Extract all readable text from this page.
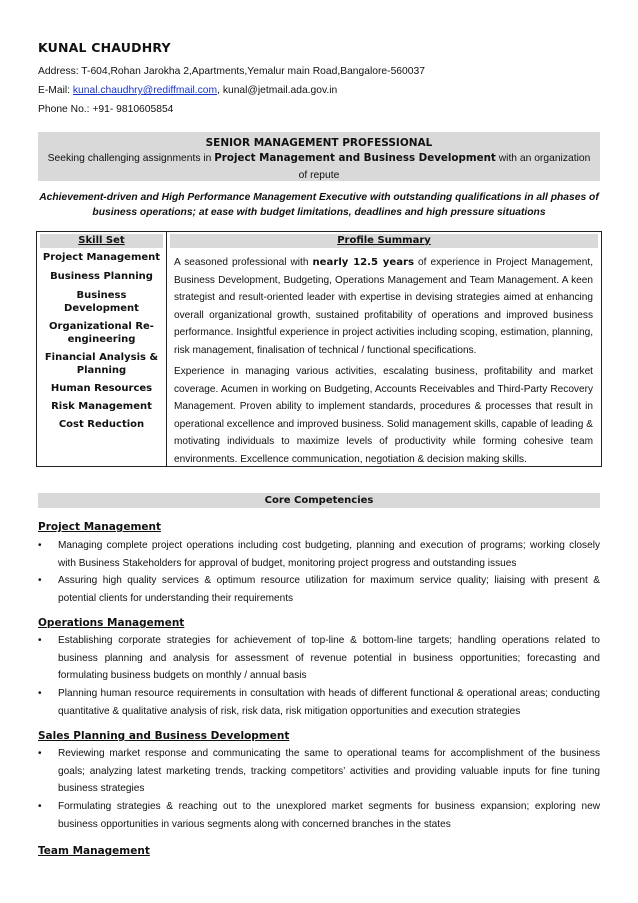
KUNAL CHAUDHRY
Address: T-604,Rohan Jarokha 2,Apartments,Yemalur main Road,Bangalore-560037
E-Mail: kunal.chaudhry@rediffmail.com, kunal@jetmail.ada.gov.in
Phone No.: +91- 9810605854
SENIOR MANAGEMENT PROFESSIONAL
Seeking challenging assignments in Project Management and Business Development with an organization of repute
Achievement-driven and High Performance Management Executive with outstanding qualifications in all phases of business operations; at ease with budget limitations, deadlines and high pressure situations
Skill Set
Project Management
Business Planning
Business Development
Organizational Re-engineering
Financial Analysis & Planning
Human Resources
Risk Management
Cost Reduction
Profile Summary

A seasoned professional with nearly 12.5 years of experience in Project Management, Business Development, Budgeting, Operations Management and Team Management. A keen strategist and result-oriented leader with expertise in devising strategies aimed at enhancing overall organizational growth, sustained profitability of operations and improved business performance. Insightful experience in project activities including scoping, estimation, planning, risk management, finalisation of technical / functional specifications.

Experience in managing various activities, escalating business, profitability and market coverage. Acumen in working on Budgeting, Accounts Receivables and Third-Party Recovery Management. Proven ability to implement standards, procedures & processes that result in operational excellence and improved business. Solid management skills, capable of leading & motivating individuals to maximize levels of productivity while forming cohesive team environments. Excellence communication, negotiation & decision making skills.

Core Competencies
Project Management
• Managing complete project operations including cost budgeting, planning and execution of programs; working closely with Business Stakeholders for approval of budget, monitoring project progress and outstanding issues
• Assuring high quality services & optimum resource utilization for maximum service quality; liaising with present & potential clients for understanding their requirements
Operations Management
• Establishing corporate strategies for achievement of top-line & bottom-line targets; handling operations related to business planning and analysis for assessment of revenue potential in business opportunities; forecasting and formulating business budgets on monthly / annual basis
• Planning human resource requirements in consultation with heads of different functional & operational areas; conducting quantitative & qualitative analysis of risk, risk data, risk mitigation opportunities and execution strategies
Sales Planning and Business Development
• Reviewing market response and communicating the same to operational teams for accomplishment of the business goals; analyzing latest marketing trends, tracking competitors’ activities and providing valuable inputs for fine tuning business strategies
• Formulating strategies & reaching out to the unexplored market segments for business expansion; exploring new business opportunities in various segments along with concerned branches in the states
Team Management
